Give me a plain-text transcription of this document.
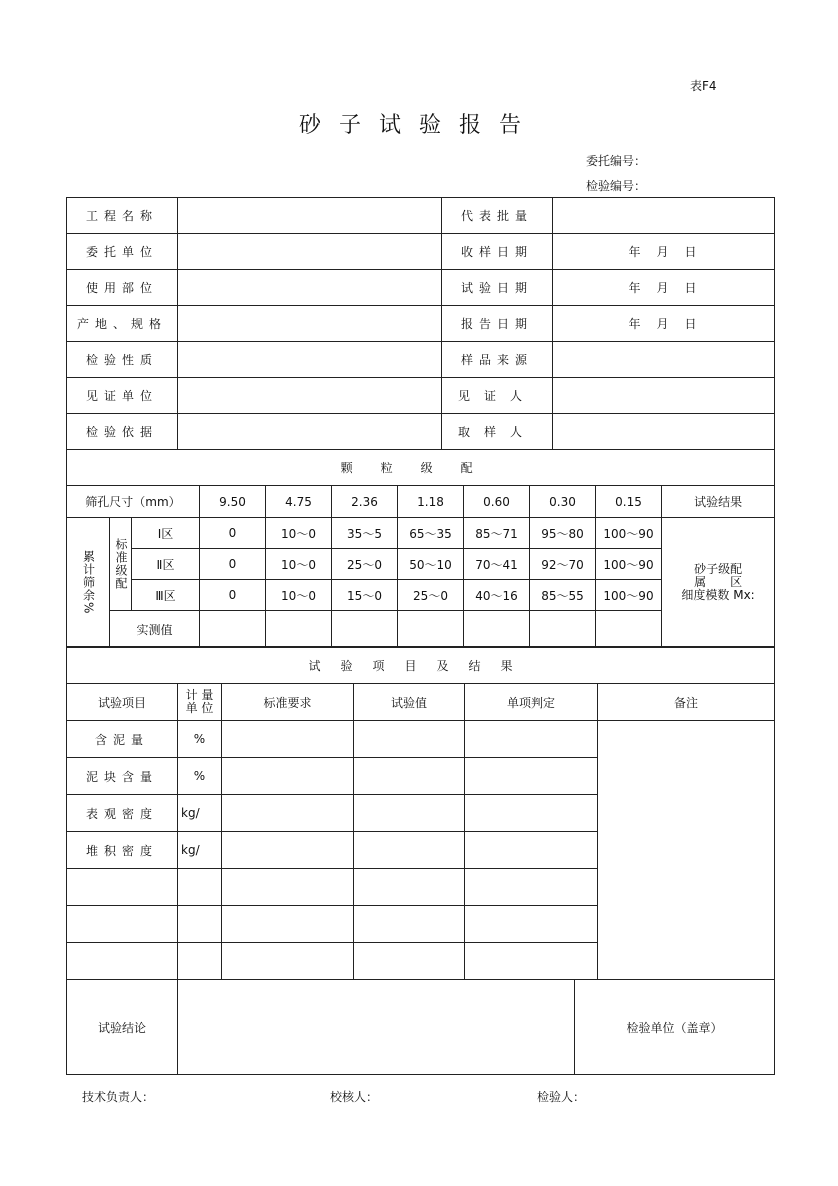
表F4
砂子试验报告
委托编号：
检验编号：
工程名称		代表批量	
委托单位		收样日期	年　月　日
使用部位		试验日期	年　月　日
产地、规格		报告日期	年　月　日
检验性质		样品来源	
见证单位		见证人	
检验依据		取样人	
颗粒级配										
筛孔尺寸（mm）			9.50	4.75	2.36	1.18	0.60	0.30	0.15	试验结果

累计筛余%	标准级配	Ⅰ区	0	10～0	35～5	65～35	85～71	95～80	100～90	砂子级配
属　　区
细度模数 Mx:

		Ⅱ区	0	10～0	25～0	50～10	70～41	92～70	100～90	
		Ⅲ区	0	10～0	15～0	25～0	40～16	85～55	100～90	
	实测值									
试验项目及结果					
试验项目	计 量 单 位	标准要求	试验值	单项判定	备注
含泥量	%				
泥块含量	%				
表观密度	kg/				
堆积密度	kg/				

试验结论		检验单位（盖章）
技术负责人：	校核人：	检验人：
